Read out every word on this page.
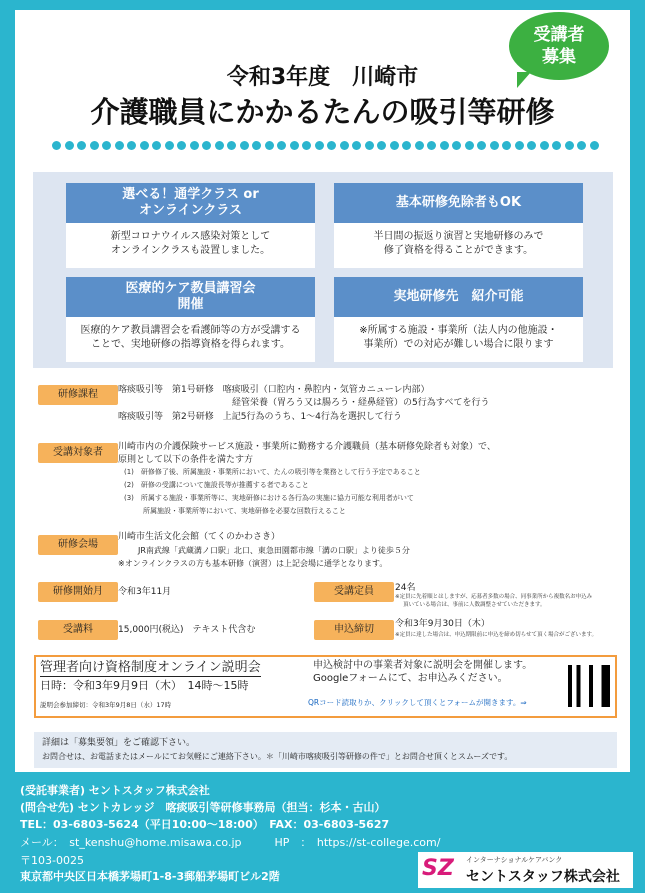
この研修は川崎市が実施主体としてセントスタッフ株式会社 セントカレッジが受託した事業です。
受講者
募集
令和3年度　川崎市
介護職員にかかるたんの吸引等研修
選べる！通学クラス or
オンラインクラス
新型コロナウイルス感染対策として
オンラインクラスも設置しました。
基本研修免除者もOK
半日間の振返り演習と実地研修のみで
修了資格を得ることができます。
医療的ケア教員講習会
開催
医療的ケア教員講習会を看護師等の方が受講する
ことで、実地研修の指導資格を得られます。
実地研修先　紹介可能
※所属する施設・事業所（法人内の他施設・
事業所）での対応が難しい場合に限ります
研修課程	喀痰吸引等　第1号研修　喀痰吸引（口腔内・鼻腔内・気管カニューレ内部）
経管栄養（胃ろう又は腸ろう・経鼻経管）の5行為すべてを行う
喀痰吸引等　第2号研修　上記5行為のうち、1〜4行為を選択して行う
受講対象者	川崎市内の介護保険サービス施設・事業所に勤務する介護職員（基本研修免除者も対象）で、
原則として以下の条件を満たす方
(1)　研修修了後、所属施設・事業所において、たんの吸引等を業務として行う予定であること
(2)　研修の受講について施設長等が推薦する者であること
(3)　所属する施設・事業所等に、実地研修における各行為の実施に協力可能な利用者がいて
所属施設・事業所等において、実地研修を必要な回数行えること
研修会場
川崎市生活文化会館（てくのかわさき）
JR南武線「武蔵溝ノ口駅」北口、東急田園都市線「溝の口駅」より徒歩５分
※オンラインクラスの方も基本研修（演習）は上記会場に通学となります。
研修開始月	令和3年11月	受講定員	24名
※定員に先着順とはしますが、応募者多数の場合、同事業所から複数名お申込み
頂いている場合は、事前に人数調整させていただきます。
受講料	15,000円(税込)　テキスト代含む	申込締切	令和3年9月30日（木）
※定員に達した場合は、申込期限前に申込を締め切らせて頂く場合がございます。
管理者向け資格制度オンライン説明会
日時：令和3年9月9日（木）　14時〜15時
説明会参加締切：令和3年9月8日（水）17時
申込検討中の事業者対象に説明会を開催します。
Googleフォームにて、お申込みください。
QRコード読取りか、クリックして頂くとフォームが開きます。⇒
詳細は「募集要領」をご確認下さい。
お問合せは、お電話またはメールにてお気軽にご連絡下さい。＊「川崎市喀痰吸引等研修の件で」とお問合せ頂くとスムーズです。
(受託事業者) セントスタッフ株式会社
(問合せ先) セントカレッジ　喀痰吸引等研修事務局（担当：杉本・古山）
TEL：03-6803-5624（平日10:00〜18:00）　FAX：03-6803-5627
メール：　st_kenshu@home.misawa.co.jp　　　HP　：　https://st-college.com/
〒103-0025
東京都中央区日本橋茅場町1-8-3郵船茅場町ビル2階	SZ インターナショナルケアバンク
セントスタッフ株式会社
